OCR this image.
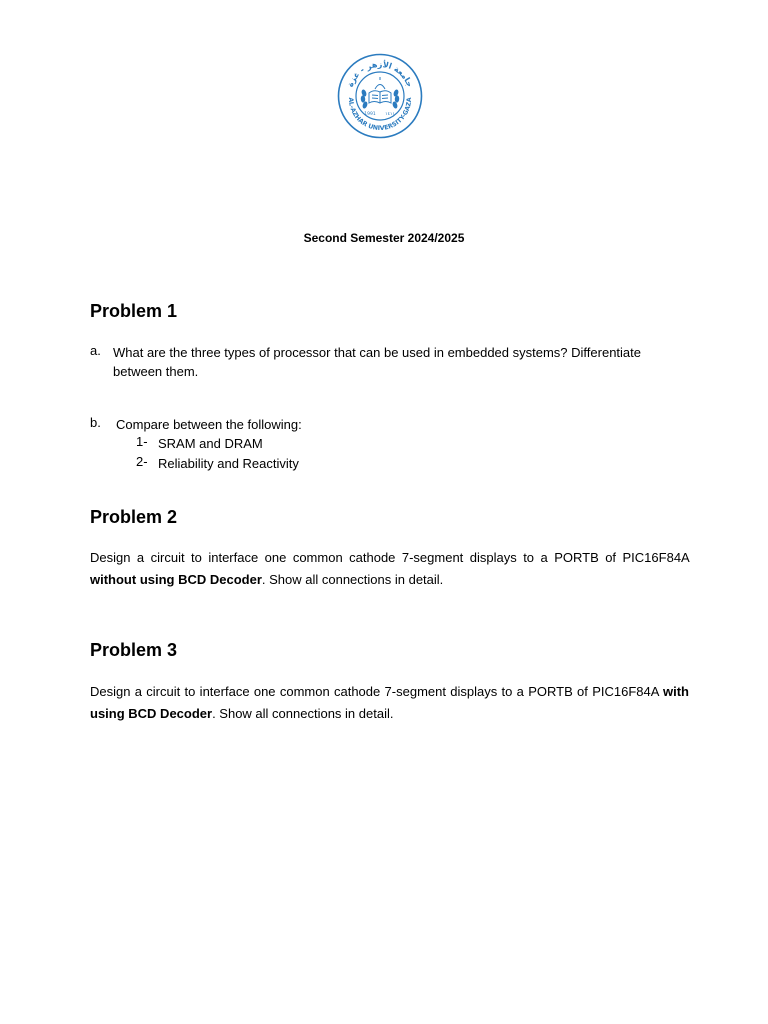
جامعة الأزهر - غزة
AL-AZHAR UNIVERSITY-GAZA
1991 ١٤١١
Second Semester 2024/2025
Problem 1
a. What are the three types of processor that can be used in embedded systems? Differentiate

between them.

b. Compare between the following:

1- SRAM and DRAM

2- Reliability and Reactivity

Problem 2

Design a circuit to interface one common cathode 7-segment displays to a PORTB of PIC16F84A without using BCD Decoder. Show all connections in detail.

Problem 3

Design a circuit to interface one common cathode 7-segment displays to a PORTB of PIC16F84A with using BCD Decoder. Show all connections in detail.
